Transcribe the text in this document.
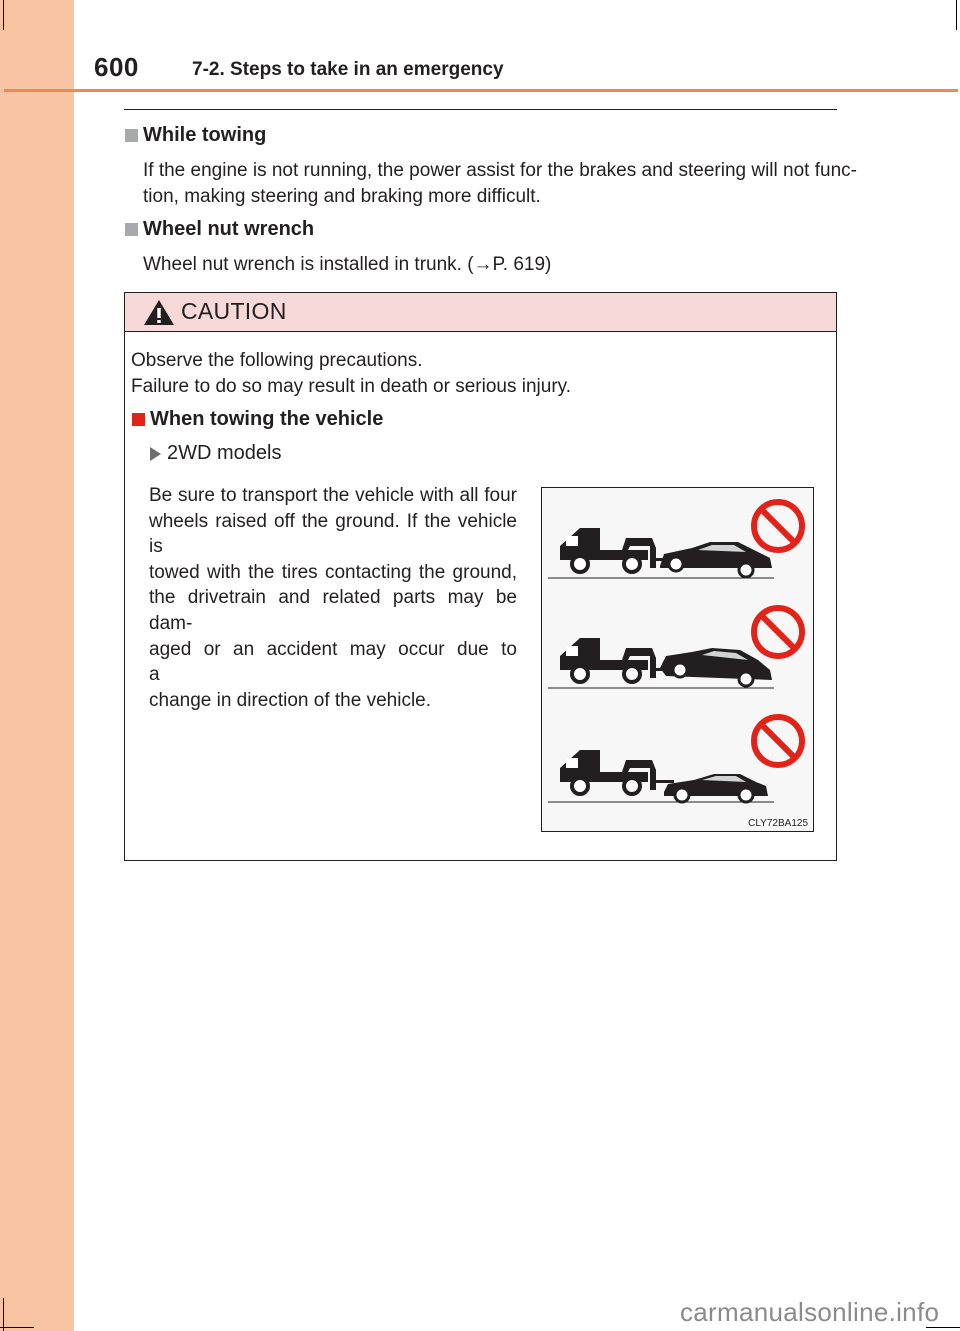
600	7-2. Steps to take in an emergency
While towing
If the engine is not running, the power assist for the brakes and steering will not func-
tion, making steering and braking more difficult.
Wheel nut wrench
Wheel nut wrench is installed in trunk. (→P. 619)
CAUTION
Observe the following precautions.
Failure to do so may result in death or serious injury.
When towing the vehicle
2WD models
Be sure to transport the vehicle with all four
wheels raised off the ground. If the vehicle is
towed with the tires contacting the ground,
the drivetrain and related parts may be dam-
aged or an accident may occur due to a
change in direction of the vehicle.
CLY72BA125
carmanualsonline.info
